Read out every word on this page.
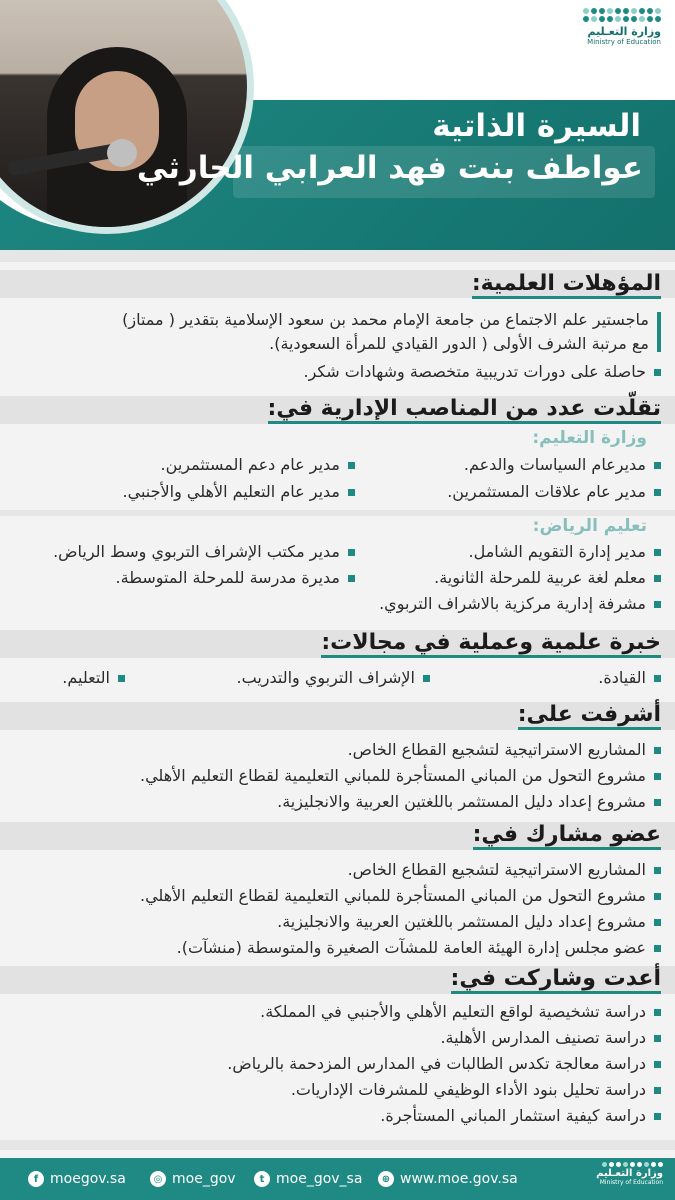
وزارة التعـليم
Ministry of Education
السيرة الذاتية
عواطف بنت فهد العرابي الحارثي
المؤهلات العلمية:
ماجستير علم الاجتماع من جامعة الإمام محمد بن سعود الإسلامية بتقدير ( ممتاز)
مع مرتبة الشرف الأولى ( الدور القيادي للمرأة السعودية).
حاصلة على دورات تدريبية متخصصة وشهادات شكر.
تقلّدت عدد من المناصب الإدارية في:
وزارة التعليم:
مديرعام السياسات والدعم.
مدير عام دعم المستثمرين.
مدير عام علاقات المستثمرين.
مدير عام التعليم الأهلي والأجنبي.
تعليم الرياض:
مدير إدارة التقويم الشامل.
مدير مكتب الإشراف التربوي وسط الرياض.
معلم لغة عربية للمرحلة الثانوية.
مديرة مدرسة للمرحلة المتوسطة.
مشرفة إدارية مركزية بالاشراف التربوي.
خبرة علمية وعملية في مجالات:
القيادة.
الإشراف التربوي والتدريب.
التعليم.
أشرفت على:
المشاريع الاستراتيجية لتشجيع القطاع الخاص.
مشروع التحول من المباني المستأجرة للمباني التعليمية لقطاع التعليم الأهلي.
مشروع إعداد دليل المستثمر باللغتين العربية والانجليزية.
عضو مشارك في:
المشاريع الاستراتيجية لتشجيع القطاع الخاص.
مشروع التحول من المباني المستأجرة للمباني التعليمية لقطاع التعليم الأهلي.
مشروع إعداد دليل المستثمر باللغتين العربية والانجليزية.
عضو مجلس إدارة الهيئة العامة للمشآت الصغيرة والمتوسطة (منشآت).
أعدت وشاركت في:
دراسة تشخيصية لواقع التعليم الأهلي والأجنبي في المملكة.
دراسة تصنيف المدارس الأهلية.
دراسة معالجة تكدس الطالبات في المدارس المزدحمة بالرياض.
دراسة تحليل بنود الأداء الوظيفي للمشرفات الإداريات.
دراسة كيفية استثمار المباني المستأجرة.
f moegov.sa	◎ moe_gov	t moe_gov_sa	⊕ www.moe.gov.sa	وزارة التعـليم
Ministry of Education
